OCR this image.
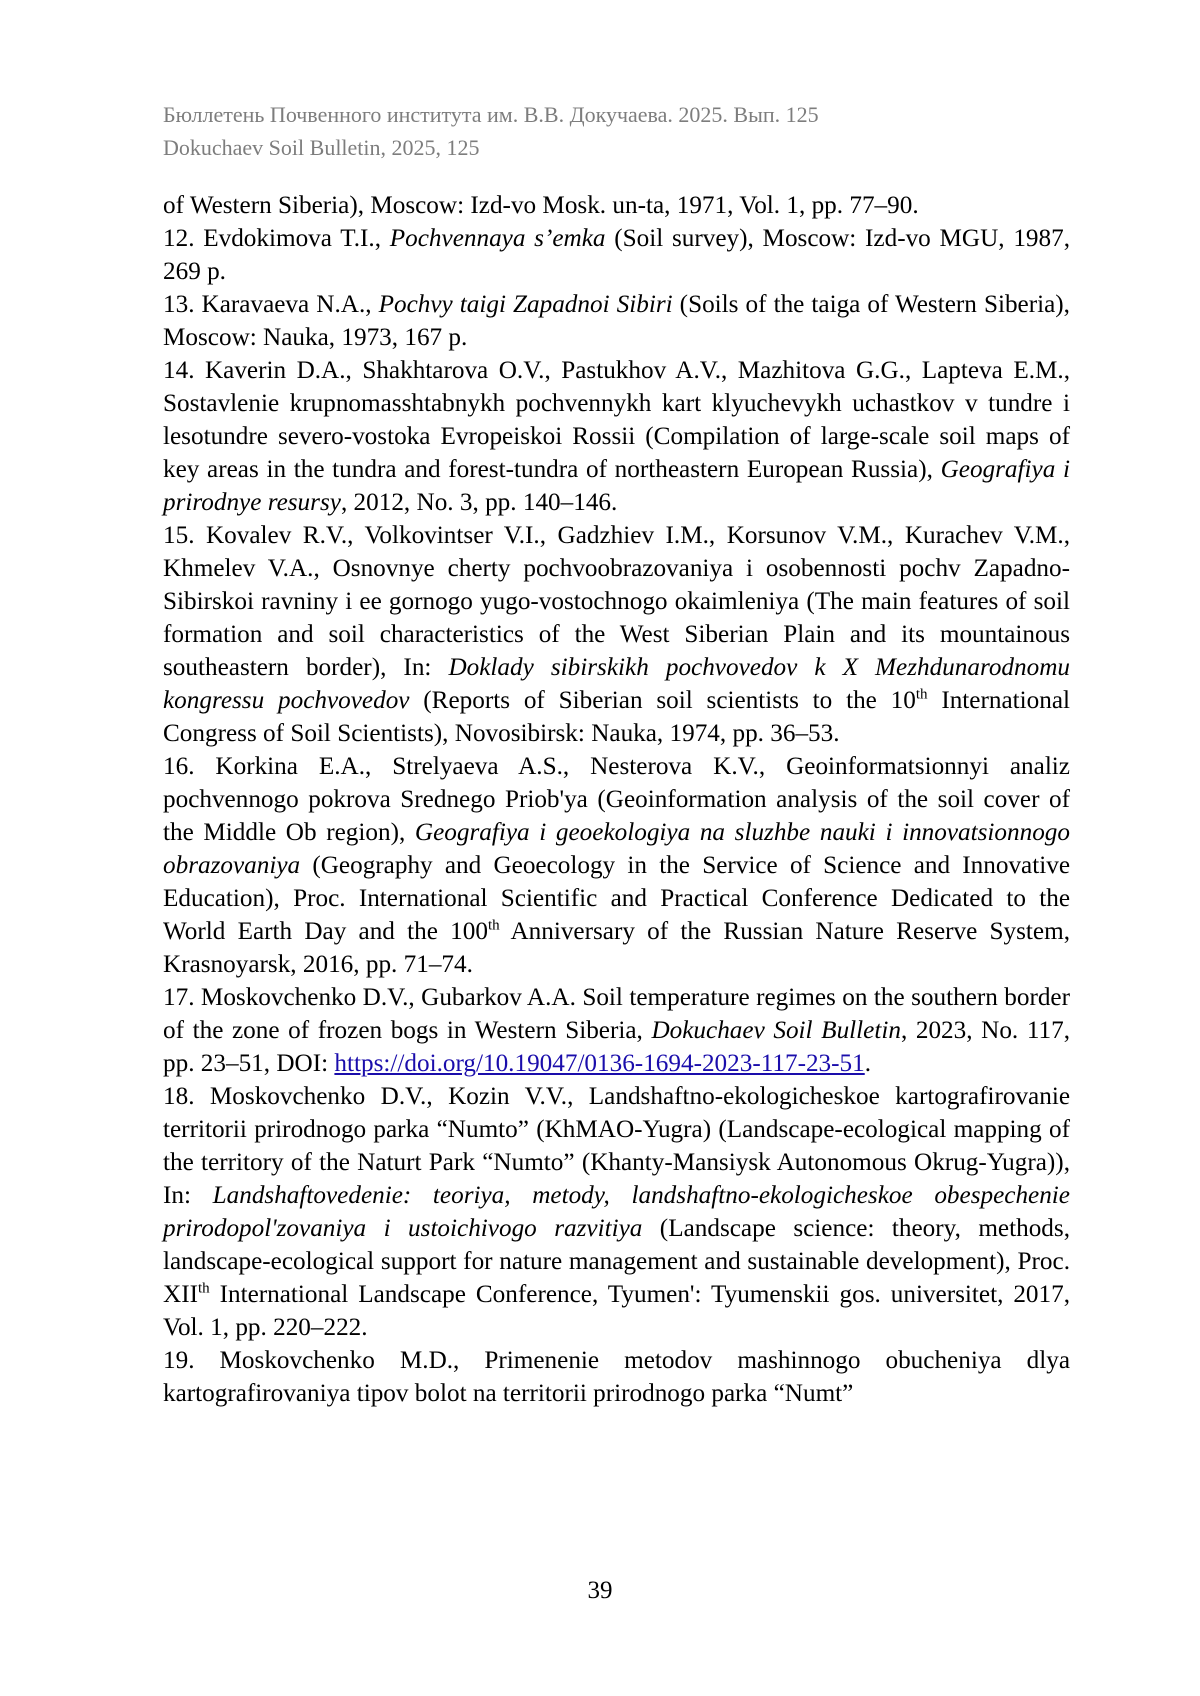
Бюллетень Почвенного института им. В.В. Докучаева. 2025. Вып. 125
Dokuchaev Soil Bulletin, 2025, 125

of Western Siberia), Moscow: Izd-vo Mosk. un-ta, 1971, Vol. 1, pp. 77–90.

12. Evdokimova T.I., Pochvennaya s’emka (Soil survey), Moscow: Izd-vo MGU, 1987, 269 p.

13. Karavaeva N.A., Pochvy taigi Zapadnoi Sibiri (Soils of the taiga of Western Siberia), Moscow: Nauka, 1973, 167 p.

14. Kaverin D.A., Shakhtarova O.V., Pastukhov A.V., Mazhitova G.G., Lapteva E.M., Sostavlenie krupnomasshtabnykh pochvennykh kart klyuchevykh uchastkov v tundre i lesotundre severo-vostoka Evropeiskoi Rossii (Compilation of large-scale soil maps of key areas in the tundra and forest-tundra of northeastern European Russia), Geografiya i prirodnye resursy, 2012, No. 3, pp. 140–146.

15. Kovalev R.V., Volkovintser V.I., Gadzhiev I.M., Korsunov V.M., Kurachev V.M., Khmelev V.A., Osnovnye cherty pochvoobrazovaniya i osobennosti pochv Zapadno-Sibirskoi ravniny i ee gornogo yugo-vostochnogo okaimleniya (The main features of soil formation and soil characteristics of the West Siberian Plain and its mountainous southeastern border), In: Doklady sibirskikh pochvovedov k X Mezhdunarodnomu kongressu pochvovedov (Reports of Siberian soil scientists to the 10th International Congress of Soil Scientists), Novosibirsk: Nauka, 1974, pp. 36–53.

16. Korkina E.A., Strelyaeva A.S., Nesterova K.V., Geoinformatsionnyi analiz pochvennogo pokrova Srednego Priob'ya (Geoinformation analysis of the soil cover of the Middle Ob region), Geografiya i geoekologiya na sluzhbe nauki i innovatsionnogo obrazovaniya (Geography and Geoecology in the Service of Science and Innovative Education), Proc. International Scientific and Practical Conference Dedicated to the World Earth Day and the 100th Anniversary of the Russian Nature Reserve System, Krasnoyarsk, 2016, pp. 71–74.

17. Moskovchenko D.V., Gubarkov A.A. Soil temperature regimes on the southern border of the zone of frozen bogs in Western Siberia, Dokuchaev Soil Bulletin, 2023, No. 117, pp. 23–51, DOI: https://doi.org/10.19047/0136-1694-2023-117-23-51.

18. Moskovchenko D.V., Kozin V.V., Landshaftno-ekologicheskoe kartografirovanie territorii prirodnogo parka “Numto” (KhMAO-Yugra) (Landscape-ecological mapping of the territory of the Naturt Park “Numto” (Khanty-Mansiysk Autonomous Okrug-Yugra)), In: Landshaftovedenie: teoriya, metody, landshaftno-ekologicheskoe obespechenie prirodopol'zovaniya i ustoichivogo razvitiya (Landscape science: theory, methods, landscape-ecological support for nature management and sustainable development), Proc. XIIth International Landscape Conference, Tyumen': Tyumenskii gos. universitet, 2017, Vol. 1, pp. 220–222.

19. Moskovchenko M.D., Primenenie metodov mashinnogo obucheniya dlya kartografirovaniya tipov bolot na territorii prirodnogo parka “Numt”

39
